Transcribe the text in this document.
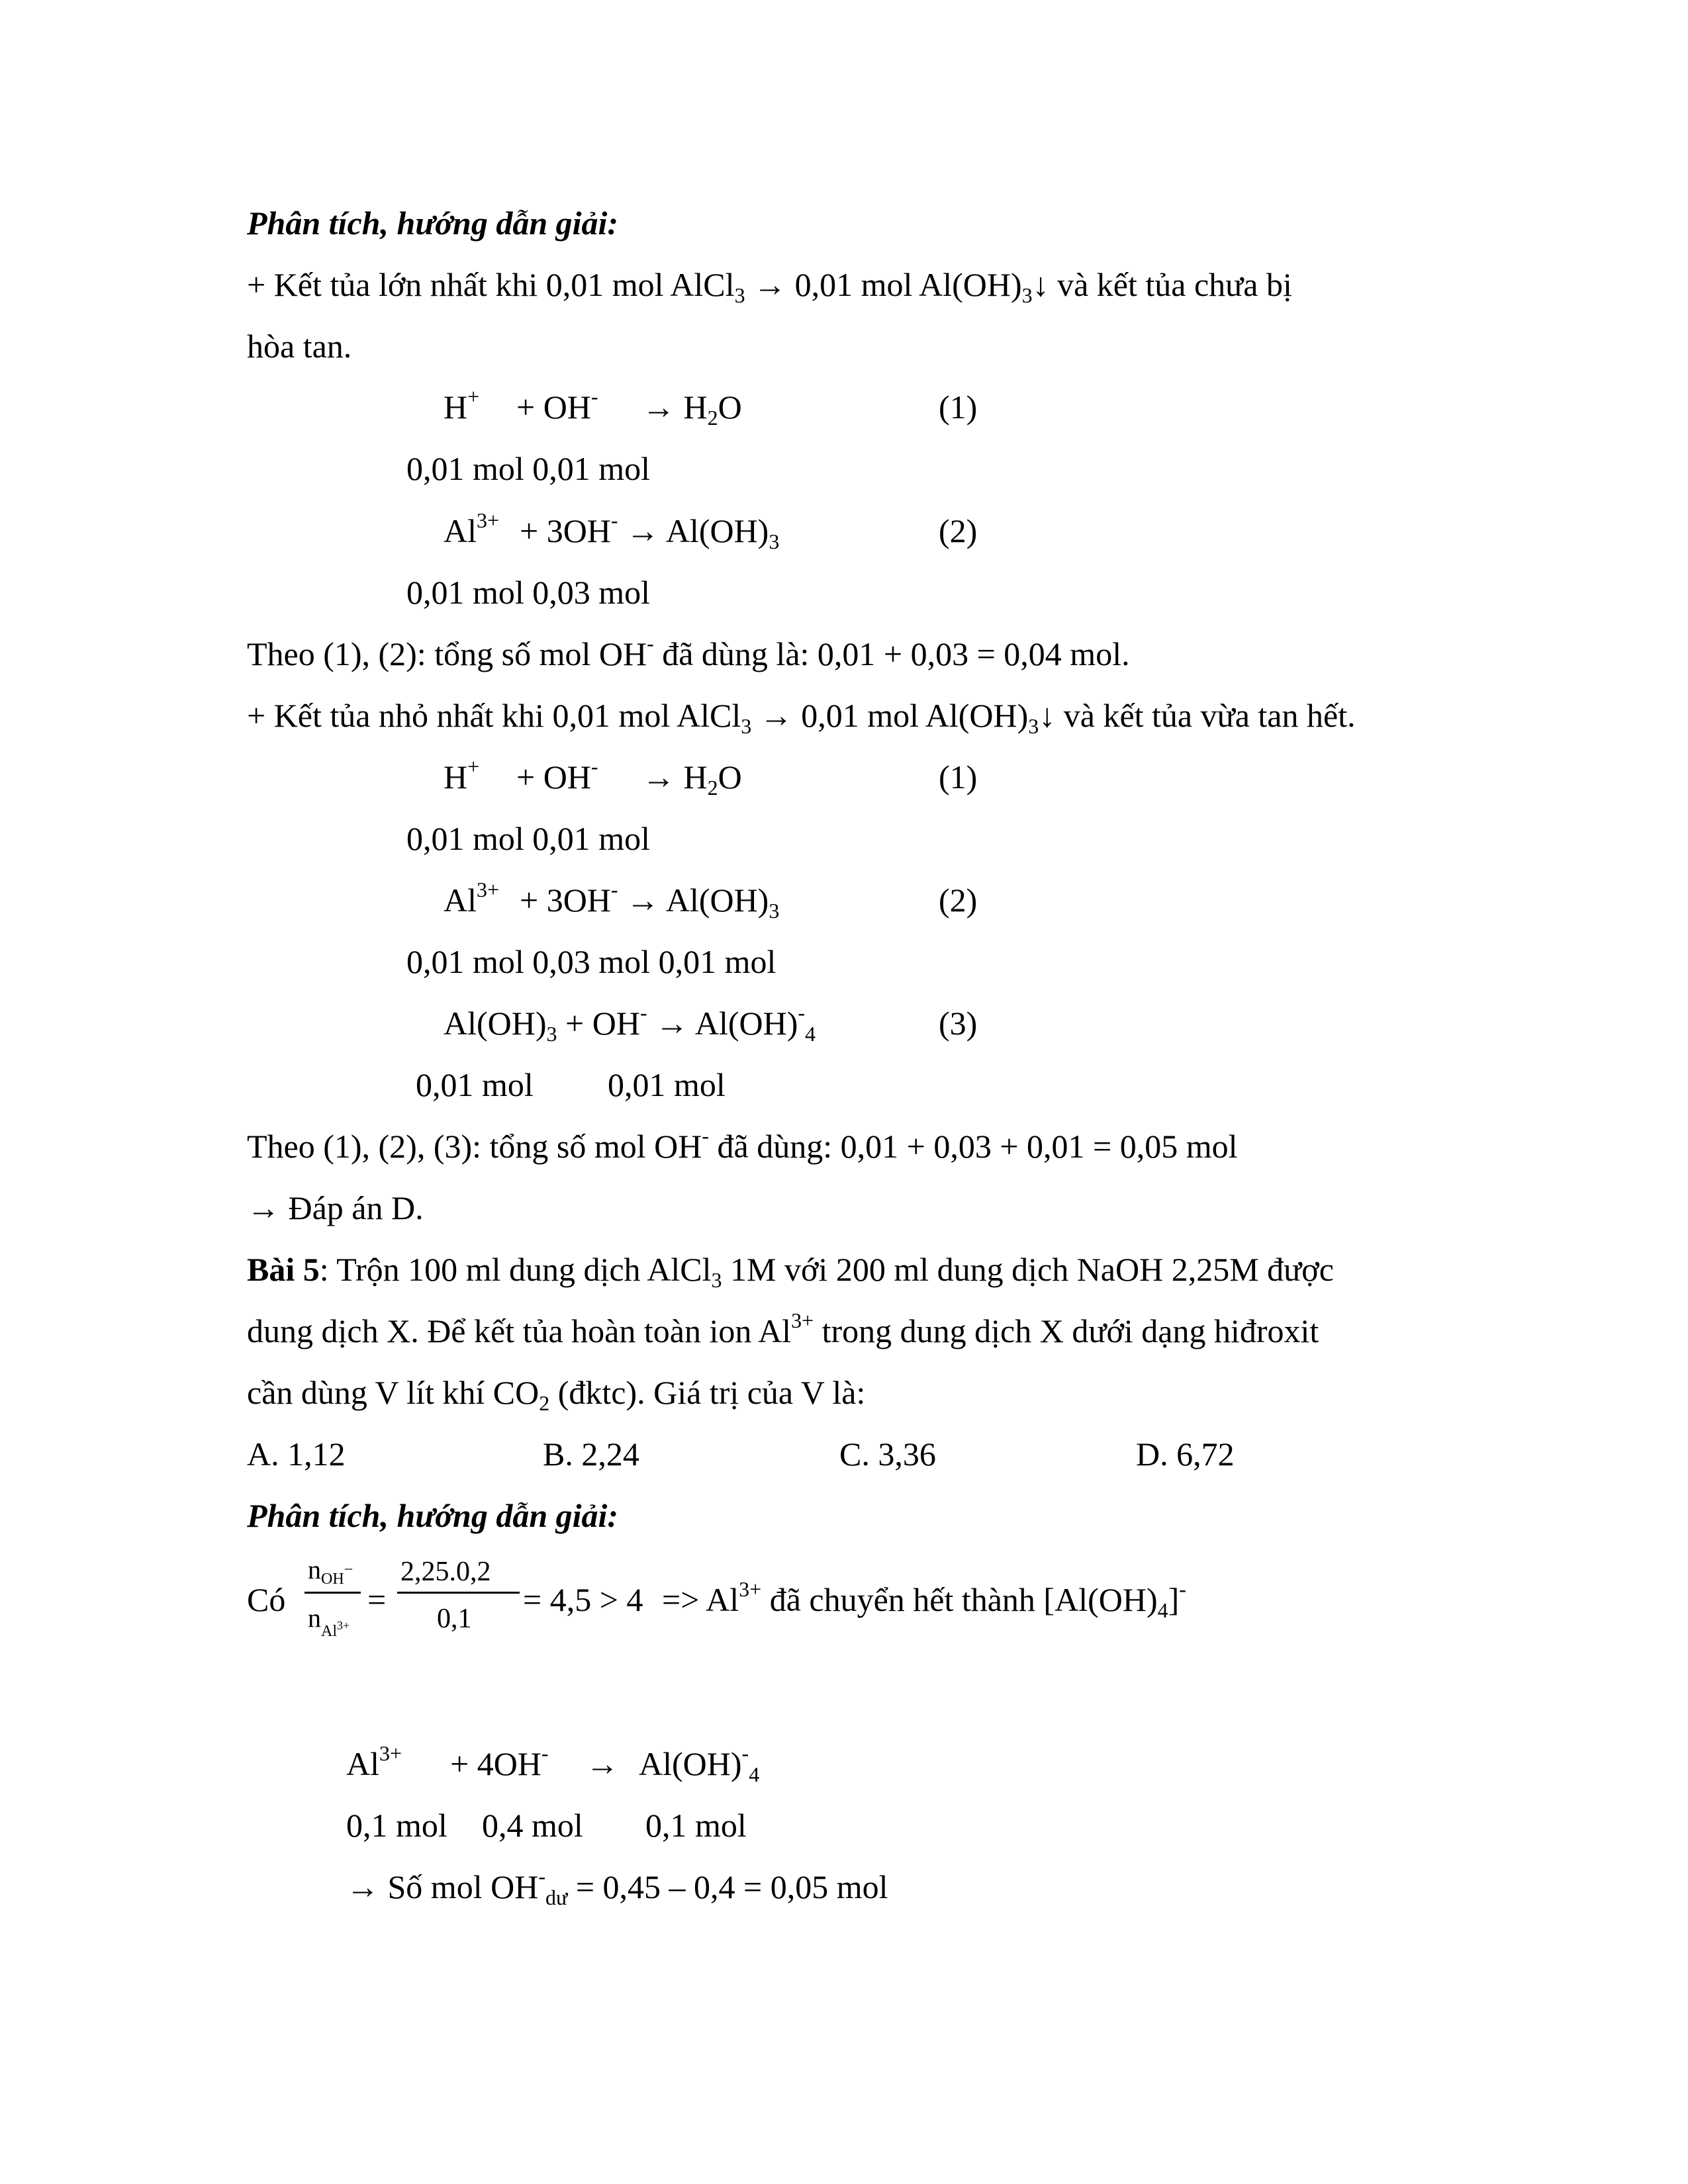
Phân tích, hướng dẫn giải:
+ Kết tủa lớn nhất khi 0,01 mol AlCl$_3$ → 0,01 mol $Al(OH)_3↓$ và kết tủa chưa bị
hòa tan.
$H^+ + OH^- \to H_2O$	(1)
0,01 mol 0,01 mol
$Al^{3+} + 3OH^- \to Al(OH)_3$	(2)
0,01 mol 0,03 mol
Theo (1), (2): tổng số mol OH- đã dùng là: 0,01 + 0,03 = 0,04 mol.
+ Kết tủa nhỏ nhất khi 0,01 mol AlCl$_3$ → 0,01 mol $Al(OH)_3↓$ và kết tủa vừa tan hết.
$H^+ + OH^- \to H_2O$	(1)
0,01 mol 0,01 mol
$Al^{3+} + 3OH^- \to Al(OH)_3$	(2)
0,01 mol 0,03 mol 0,01 mol
$Al(OH)_3 + OH^- \to Al(OH)^-_4$	(3)
0,01 mol 0,01 mol
Theo (1), (2), (3): tổng số mol OH- đã dùng: 0,01 + 0,03 + 0,01 = 0,05 mol
→ Đáp án D.
Bài 5: Trộn 100 ml dung dịch AlCl$_3$ 1M với 200 ml dung dịch NaOH 2,25M được
dung dịch X. Để kết tủa hoàn toàn ion $Al^{3+}$ trong dung dịch X dưới dạng hiđroxit
cần dùng V lít khí $CO_2$ (đktc). Giá trị của V là:
A. 1,12	B. 2,24	C. 3,36	D. 6,72
Phân tích, hướng dẫn giải:
Có
$n_{OH}-$
$n_{Al}3+$
=
2,25.0,2
0,1
= $4,5 > 4 => Al^{3+}$ đã chuyển hết thành $[Al(OH)_4]^-$
$Al^{3+} + 4OH^- \to Al(OH)^-_4$
0,1 mol 0,4 mol 0,1 mol
→ Số mol $OH^-_{dư} = 0,45 - 0,4 = 0,05$ mol
